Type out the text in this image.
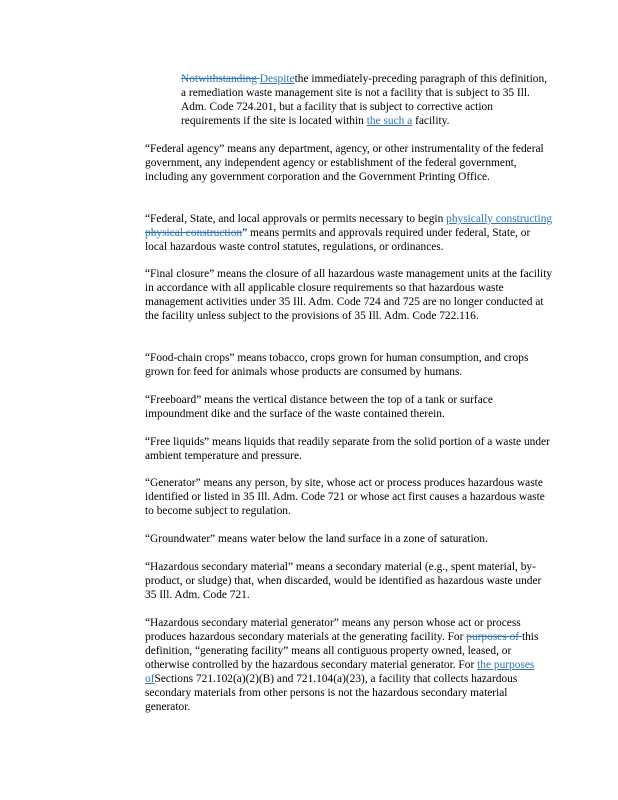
Notwithstanding Despitethe immediately-preceding paragraph of this definition, a remediation waste management site is not a facility that is subject to 35 Ill. Adm. Code 724.201, but a facility that is subject to corrective action requirements if the site is located within the such a facility.

“Federal agency” means any department, agency, or other instrumentality of the federal government, any independent agency or establishment of the federal government, including any government corporation and the Government Printing Office.

“Federal, State, and local approvals or permits necessary to begin physically constructing physical construction” means permits and approvals required under federal, State, or local hazardous waste control statutes, regulations, or ordinances.

“Final closure” means the closure of all hazardous waste management units at the facility in accordance with all applicable closure requirements so that hazardous waste management activities under 35 Ill. Adm. Code 724 and 725 are no longer conducted at the facility unless subject to the provisions of 35 Ill. Adm. Code 722.116.

“Food-chain crops” means tobacco, crops grown for human consumption, and crops grown for feed for animals whose products are consumed by humans.

“Freeboard” means the vertical distance between the top of a tank or surface impoundment dike and the surface of the waste contained therein.

“Free liquids” means liquids that readily separate from the solid portion of a waste under ambient temperature and pressure.

“Generator” means any person, by site, whose act or process produces hazardous waste identified or listed in 35 Ill. Adm. Code 721 or whose act first causes a hazardous waste to become subject to regulation.

“Groundwater” means water below the land surface in a zone of saturation.

“Hazardous secondary material” means a secondary material (e.g., spent material, by-product, or sludge) that, when discarded, would be identified as hazardous waste under 35 Ill. Adm. Code 721.

“Hazardous secondary material generator” means any person whose act or process produces hazardous secondary materials at the generating facility. For purposes of this definition, “generating facility” means all contiguous property owned, leased, or otherwise controlled by the hazardous secondary material generator. For the purposes ofSections 721.102(a)(2)(B) and 721.104(a)(23), a facility that collects hazardous secondary materials from other persons is not the hazardous secondary material generator.
